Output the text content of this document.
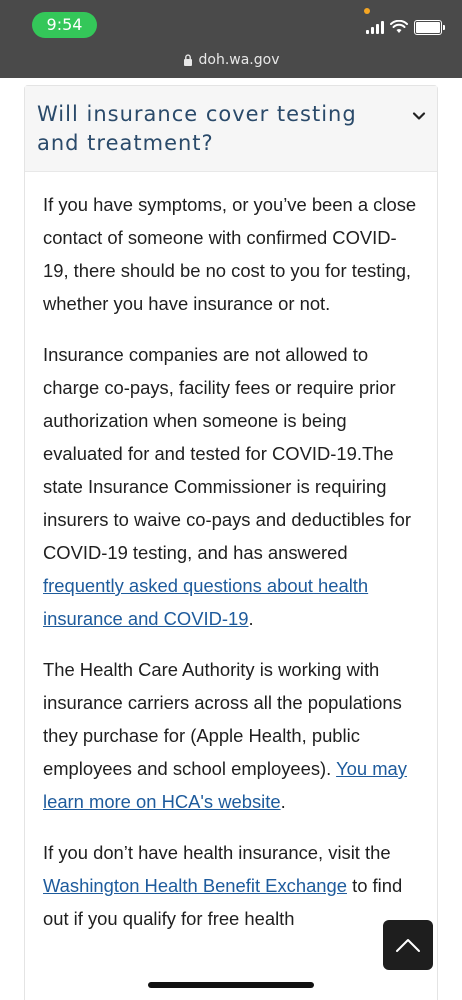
9:54
doh.wa.gov
Will insurance cover testing and treatment?

If you have symptoms, or you’ve been a close contact of someone with confirmed COVID-19, there should be no cost to you for testing, whether you have insurance or not.

Insurance companies are not allowed to charge co-pays, facility fees or require prior authorization when someone is being evaluated for and tested for COVID-19.The state Insurance Commissioner is requiring insurers to waive co-pays and deductibles for COVID-19 testing, and has answered frequently asked questions about health insurance and COVID-19.

The Health Care Authority is working with insurance carriers across all the populations they purchase for (Apple Health, public employees and school employees). You may learn more on HCA's website.

If you don’t have health insurance, visit the Washington Health Benefit Exchange to find out if you qualify for free health
